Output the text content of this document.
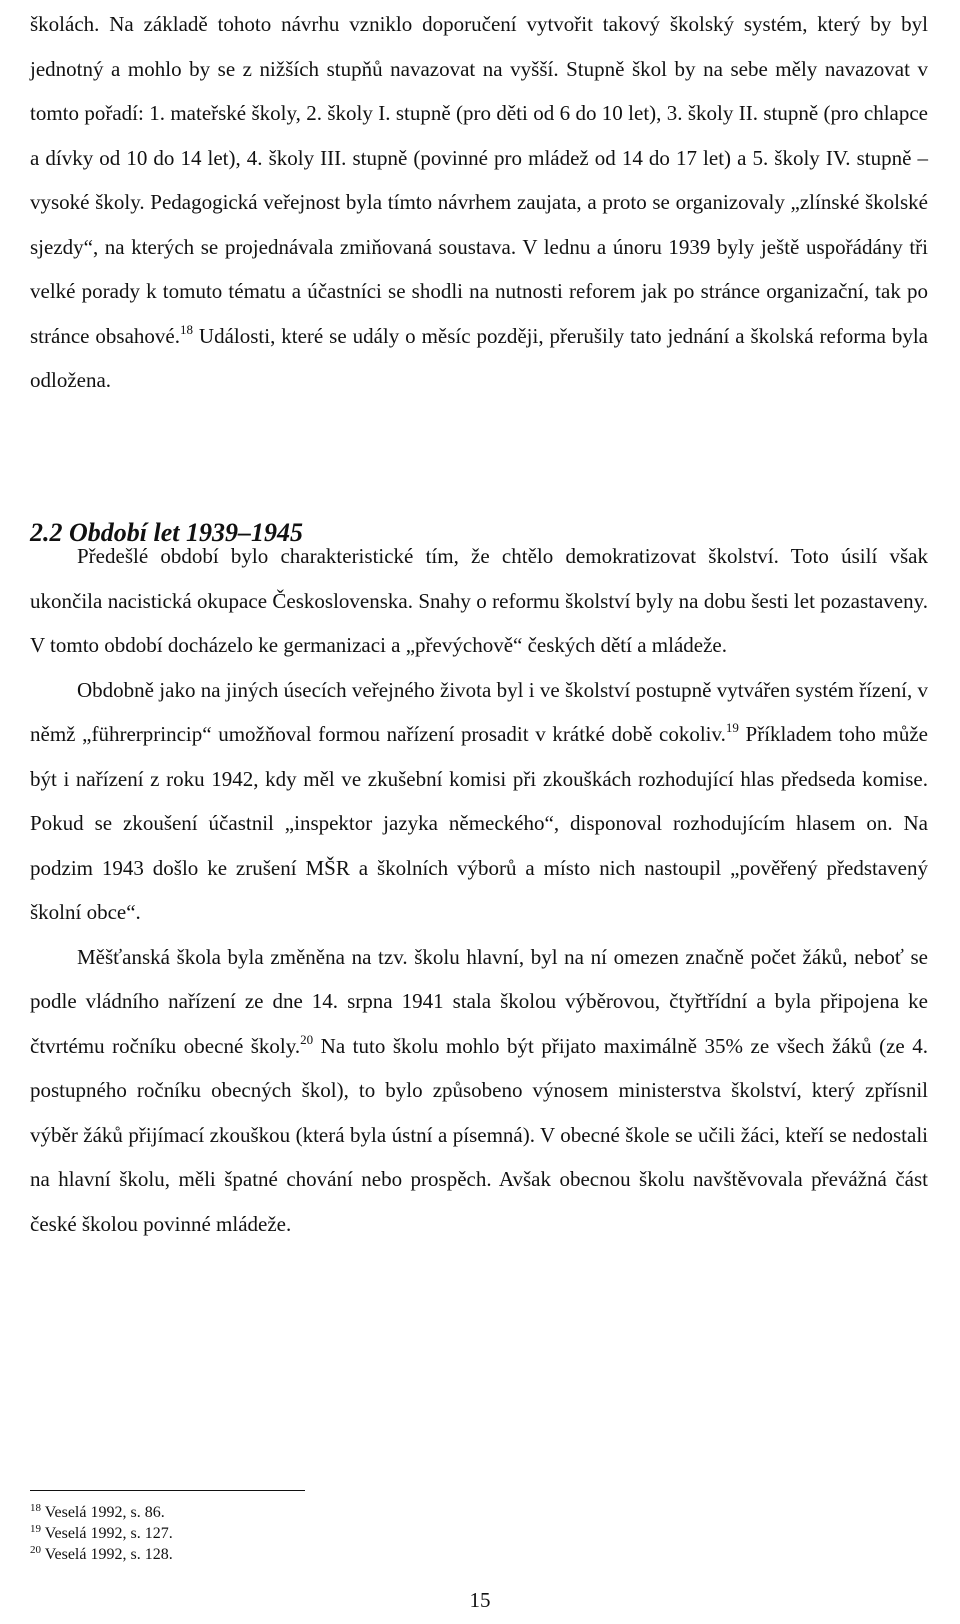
školách. Na základě tohoto návrhu vzniklo doporučení vytvořit takový školský systém, který by byl jednotný a mohlo by se z nižších stupňů navazovat na vyšší. Stupně škol by na sebe měly navazovat v tomto pořadí: 1. mateřské školy, 2. školy I. stupně (pro děti od 6 do 10 let), 3. školy II. stupně (pro chlapce a dívky od 10 do 14 let), 4. školy III. stupně (povinné pro mládež od 14 do 17 let) a 5. školy IV. stupně – vysoké školy. Pedagogická veřejnost byla tímto návrhem zaujata, a proto se organizovaly „zlínské školské sjezdy“, na kterých se projednávala zmiňovaná soustava. V lednu a únoru 1939 byly ještě uspořádány tři velké porady k tomuto tématu a účastníci se shodli na nutnosti reforem jak po stránce organizační, tak po stránce obsahové.$^{18}$ Události, které se udály o měsíc později, přerušily tato jednání a školská reforma byla odložena.

2.2 Období let 1939–1945

Předešlé období bylo charakteristické tím, že chtělo demokratizovat školství. Toto úsilí však ukončila nacistická okupace Československa. Snahy o reformu školství byly na dobu šesti let pozastaveny. V tomto období docházelo ke germanizaci a „převýchově“ českých dětí a mládeže.

Obdobně jako na jiných úsecích veřejného života byl i ve školství postupně vytvářen systém řízení, v němž „führerprincip“ umožňoval formou nařízení prosadit v krátké době cokoliv.$^{19}$ Příkladem toho může být i nařízení z roku 1942, kdy měl ve zkušební komisi při zkouškách rozhodující hlas předseda komise. Pokud se zkoušení účastnil „inspektor jazyka německého“, disponoval rozhodujícím hlasem on. Na podzim 1943 došlo ke zrušení MŠR a školních výborů a místo nich nastoupil „pověřený představený školní obce“.

Měšťanská škola byla změněna na tzv. školu hlavní, byl na ní omezen značně počet žáků, neboť se podle vládního nařízení ze dne 14. srpna 1941 stala školou výběrovou, čtyřtřídní a byla připojena ke čtvrtému ročníku obecné školy.$^{20}$ Na tuto školu mohlo být přijato maximálně 35% ze všech žáků (ze 4. postupného ročníku obecných škol), to bylo způsobeno výnosem ministerstva školství, který zpřísnil výběr žáků přijímací zkouškou (která byla ústní a písemná). V obecné škole se učili žáci, kteří se nedostali na hlavní školu, měli špatné chování nebo prospěch. Avšak obecnou školu navštěvovala převážná část české školou povinné mládeže.

$^{18}$ Veselá 1992, s. 86.
$^{19}$ Veselá 1992, s. 127.
$^{20}$ Veselá 1992, s. 128.
15
